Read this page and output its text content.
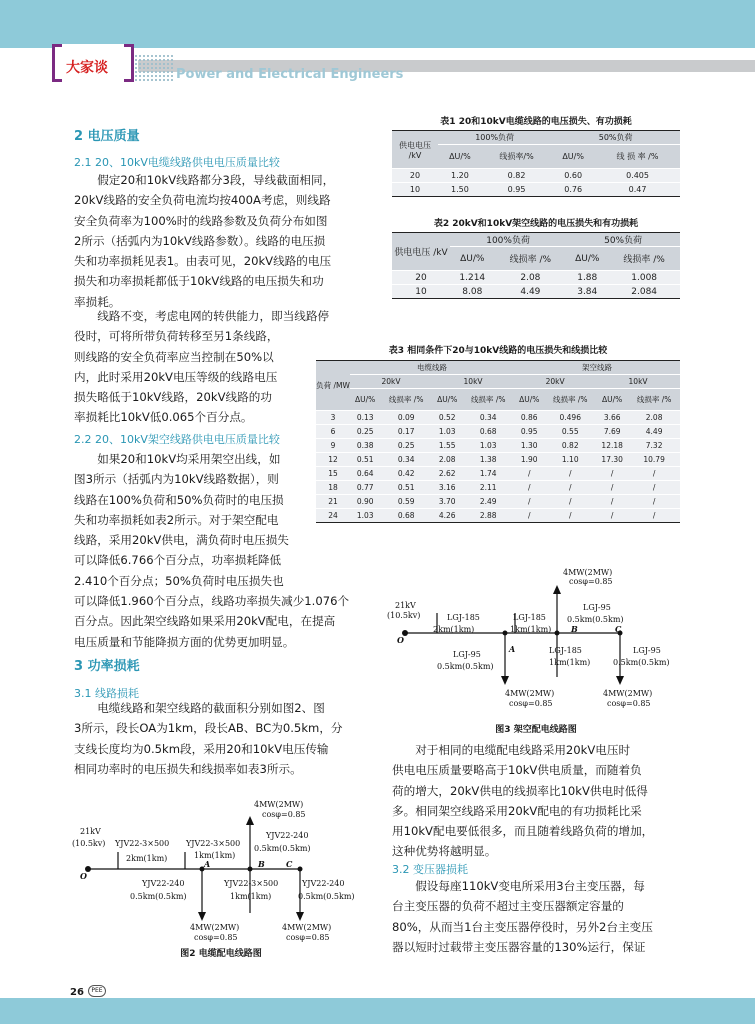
大家谈	Power and Electrical Engineers
2 电压质量
2.1 20、10kV电缆线路供电电压质量比较
假定20和10kV线路都分3段，导线截面相同，
20kV线路的安全负荷电流均按400A考虑，则线路
安全负荷率为100%时的线路参数及负荷分布如图
2所示（括弧内为10kV线路参数）。线路的电压损
失和功率损耗见表1。由表可见，20kV线路的电压
损失和功率损耗都低于10kV线路的电压损失和功
率损耗。
线路不变，考虑电网的转供能力，即当线路停
役时，可将所带负荷转移至另1条线路，
则线路的安全负荷率应当控制在50%以
内，此时采用20kV电压等级的线路电压
损失略低于10kV线路，20kV线路的功
率损耗比10kV低0.065个百分点。
2.2 20、10kV架空线路供电电压质量比较
如果20和10kV均采用架空出线，如
图3所示（括弧内为10kV线路数据），则
线路在100%负荷和50%负荷时的电压损
失和功率损耗如表2所示。对于架空配电
线路，采用20kV供电，满负荷时电压损失
可以降低6.766个百分点，功率损耗降低
2.410个百分点；50%负荷时电压损失也
可以降低1.960个百分点，线路功率损失减少1.076个
百分点。因此架空线路如果采用20kV配电，在提高
电压质量和节能降损方面的优势更加明显。
3 功率损耗
3.1 线路损耗
电缆线路和架空线路的截面积分别如图2、图
3所示，段长OA为1km，段长AB、BC为0.5km，分
支线长度均为0.5km段，采用20和10kV电压传输
相同功率时的电压损失和线损率如表3所示。
对于相同的电缆配电线路采用20kV电压时
供电电压质量要略高于10kV供电质量，而随着负
荷的增大，20kV供电的线损率比10kV供电时低得
多。相同架空线路采用20kV配电的有功损耗比采
用10kV配电要低很多，而且随着线路负荷的增加，
这种优势将越明显。
3.2 变压器损耗
假设每座110kV变电所采用3台主变压器，每
台主变压器的负荷不超过主变压器额定容量的
80%，从而当1台主变压器停役时，另外2台主变压
器以短时过载带主变压器容量的130%运行，保证
表1 20和10kV电缆线路的电压损失、有功损耗
供电电压 /kV	100%负荷		50%负荷	
	ΔU/%	线损率/%	ΔU/%	线 损 率 /%
20	1.20	0.82	0.60	0.405
10	1.50	0.95	0.76	0.47
表2 20kV和10kV架空线路的电压损失和有功损耗
供电电压 /kV	100%负荷		50%负荷	
	ΔU/%	线损率 /%	ΔU/%	线损率 /%
20	1.214	2.08	1.88	1.008
10	8.08	4.49	3.84	2.084
表3 相同条件下20与10kV线路的电压损失和线损比较
负荷 /MW	电缆线路				架空线路			
	20kV		10kV		20kV		10kV	
	ΔU/%	线损率 /%	ΔU/%	线损率 /%	ΔU/%	线损率 /%	ΔU/%	线损率 /%
3	0.13	0.09	0.52	0.34	0.86	0.496	3.66	2.08
6	0.25	0.17	1.03	0.68	0.95	0.55	7.69	4.49
9	0.38	0.25	1.55	1.03	1.30	0.82	12.18	7.32
12	0.51	0.34	2.08	1.38	1.90	1.10	17.30	10.79
15	0.64	0.42	2.62	1.74	/	/	/	/
18	0.77	0.51	3.16	2.11	/	/	/	/
21	0.90	0.59	3.70	2.49	/	/	/	/
24	1.03	0.68	4.26	2.88	/	/	/	/
4MW(2MW)
cosφ=0.85
21kV
(10.5kv)	LGJ-185
2km(1km)
LGJ-185
1km(1km)
LGJ-95
0.5km(0.5km)
LGJ-95
0.5km(0.5km)
LGJ-185
1km(1km)
LGJ-95
0.5km(0.5km)
4MW(2MW)
cosφ=0.85
4MW(2MW)
cosφ=0.85
O
A
B	C
图3 架空配电线路图
4MW(2MW)
cosφ=0.85
21kV
(10.5kv) YJV22-3×500
2km(1km)
YJV22-3×500
1km(1km)
YJV22-240
0.5km(0.5km)
YJV22-240
0.5km(0.5km)
YJV22-3×500
1km(1km)
YJV22-240
0.5km(0.5km)
4MW(2MW)
cosφ=0.85
4MW(2MW)
cosφ=0.85
O
A	B	C
图2 电缆配电线路图
26	PEE
